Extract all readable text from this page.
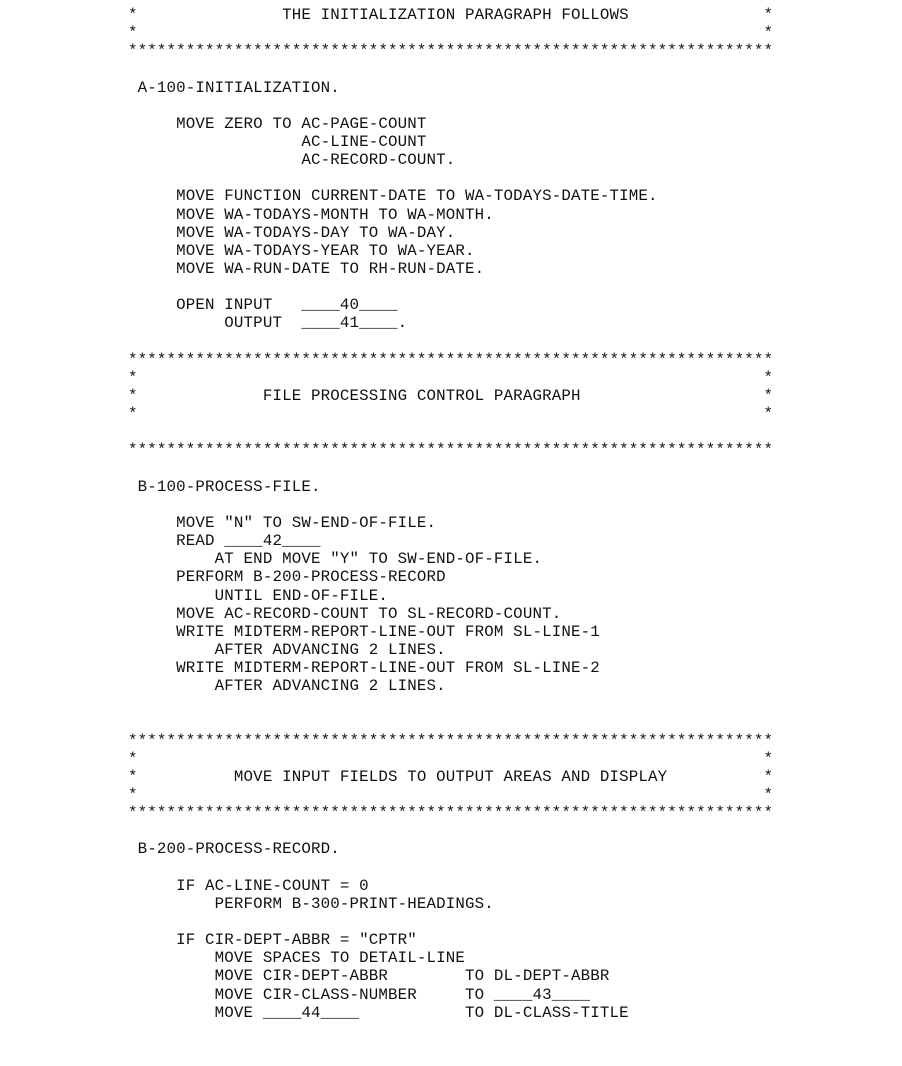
*               THE INITIALIZATION PARAGRAPH FOLLOWS              *
*                                                                 *
*******************************************************************
A-100-INITIALIZATION.
MOVE ZERO TO AC-PAGE-COUNT
AC-LINE-COUNT
AC-RECORD-COUNT.
MOVE FUNCTION CURRENT-DATE TO WA-TODAYS-DATE-TIME.
MOVE WA-TODAYS-MONTH TO WA-MONTH.
MOVE WA-TODAYS-DAY TO WA-DAY.
MOVE WA-TODAYS-YEAR TO WA-YEAR.
MOVE WA-RUN-DATE TO RH-RUN-DATE.
OPEN INPUT   ____40____
OUTPUT  ____41____.
*******************************************************************
*                                                                 *
*             FILE PROCESSING CONTROL PARAGRAPH                   *
*                                                                 *
*******************************************************************
B-100-PROCESS-FILE.
MOVE "N" TO SW-END-OF-FILE.
READ ____42____
AT END MOVE "Y" TO SW-END-OF-FILE.
PERFORM B-200-PROCESS-RECORD
UNTIL END-OF-FILE.
MOVE AC-RECORD-COUNT TO SL-RECORD-COUNT.
WRITE MIDTERM-REPORT-LINE-OUT FROM SL-LINE-1
AFTER ADVANCING 2 LINES.
WRITE MIDTERM-REPORT-LINE-OUT FROM SL-LINE-2
AFTER ADVANCING 2 LINES.
*******************************************************************
*                                                                 *
*          MOVE INPUT FIELDS TO OUTPUT AREAS AND DISPLAY          *
*                                                                 *
*******************************************************************
B-200-PROCESS-RECORD.
IF AC-LINE-COUNT = 0
PERFORM B-300-PRINT-HEADINGS.
IF CIR-DEPT-ABBR = "CPTR"
MOVE SPACES TO DETAIL-LINE
MOVE CIR-DEPT-ABBR        TO DL-DEPT-ABBR
MOVE CIR-CLASS-NUMBER     TO ____43____
MOVE ____44____           TO DL-CLASS-TITLE
